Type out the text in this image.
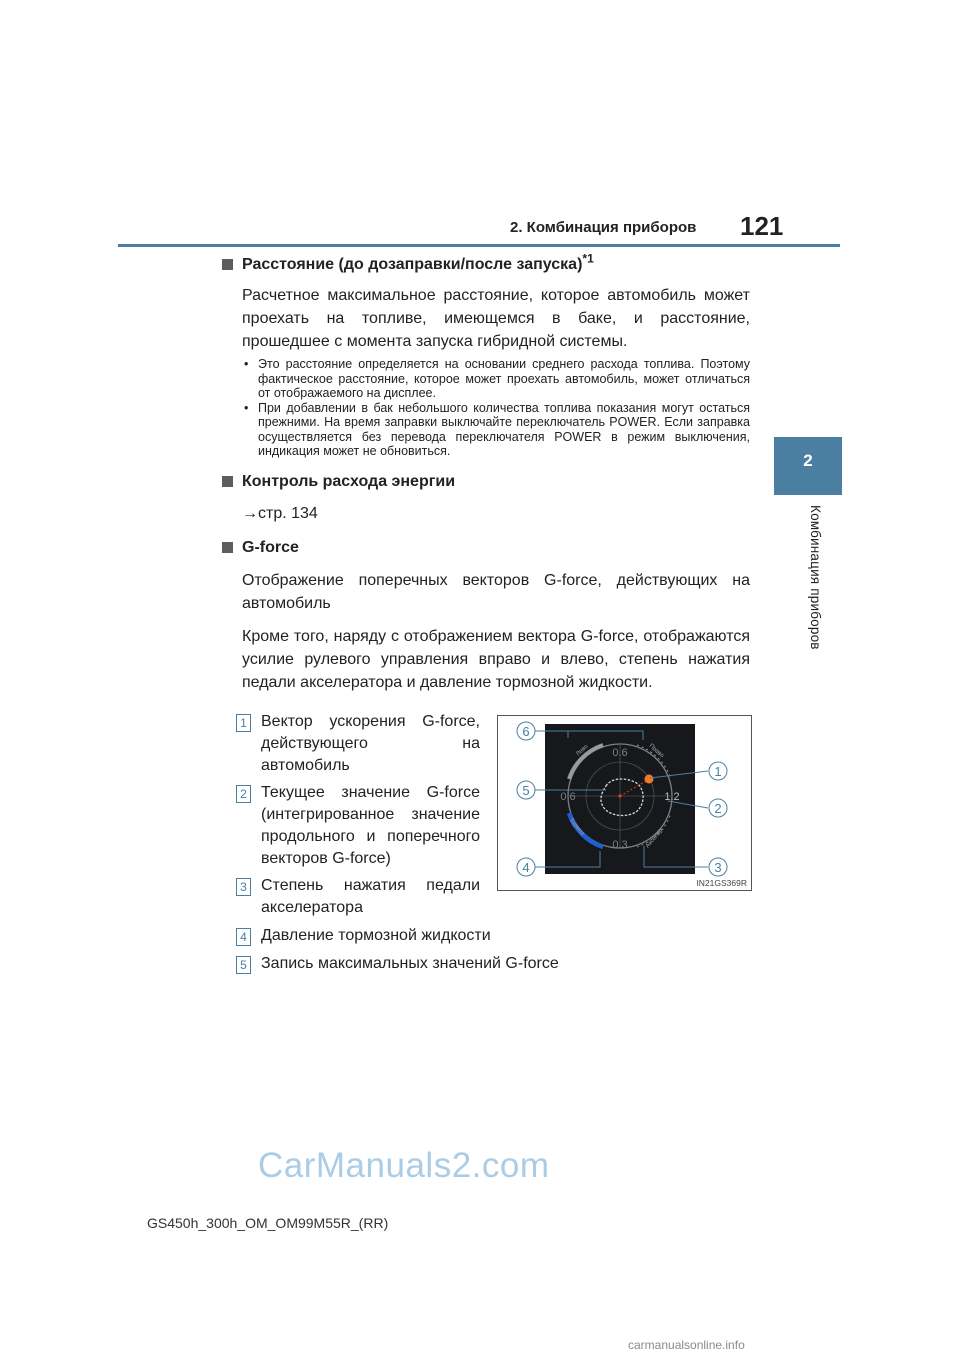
2. Комбинация приборов 121
2
Комбинация приборов
Расстояние (до дозаправки/после запуска)$^{*1}$
Расчетное максимальное расстояние, которое автомобиль может проехать на топливе, имеющемся в баке, и расстояние, прошедшее с момента запуска гибридной системы.
• Это расстояние определяется на основании среднего расхода топлива. Поэтому фактическое расстояние, которое может проехать автомобиль, может отличаться от отображаемого на дисплее.
• При добавлении в бак небольшого количества топлива показания могут остаться прежними. На время заправки выключайте переключатель POWER. Если заправка осуществляется без перевода переключателя POWER в режим выключения, индикация может не обновиться.
Контроль расхода энергии
→стр. 134
G-force
Отображение поперечных векторов G-force, действующих на автомобиль
Кроме того, наряду с отображением вектора G-force, отображаются усилие рулевого управления вправо и влево, степень нажатия педали акселератора и давление тормозной жидкости.
1 Вектор ускорения G-force, действующего на автомобиль
2 Текущее значение G-force (интегрированное значение продольного и поперечного векторов G-force)
3 Степень нажатия педали акселератора
4 Давление тормозной жидкости
5 Запись максимальных значений G-force
0.6
0.6	1.2
0.3
Лево	Право
Тормоз	Акселер.
6
1
2
5
4	3
IN21GS369R
CarManuals2.com
GS450h_300h_OM_OM99M55R_(RR)
carmanualsonline.info
